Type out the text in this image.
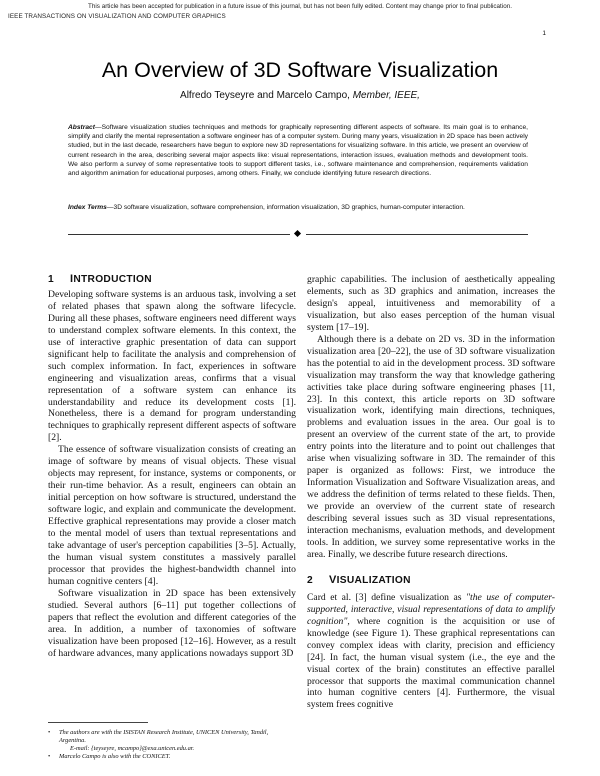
This article has been accepted for publication in a future issue of this journal, but has not been fully edited. Content may change prior to final publication.
IEEE TRANSACTIONS ON VISUALIZATION AND COMPUTER GRAPHICS
1
An Overview of 3D Software Visualization
Alfredo Teyseyre and Marcelo Campo, Member, IEEE,

Abstract—Software visualization studies techniques and methods for graphically representing different aspects of software. Its main goal is to enhance, simplify and clarify the mental representation a software engineer has of a computer system. During many years, visualization in 2D space has been actively studied, but in the last decade, researchers have begun to explore new 3D representations for visualizing software. In this article, we present an overview of current research in the area, describing several major aspects like: visual representations, interaction issues, evaluation methods and development tools. We also perform a survey of some representative tools to support different tasks, i.e., software maintenance and comprehension, requirements validation and algorithm animation for educational purposes, among others. Finally, we conclude identifying future research directions.

Index Terms—3D software visualization, software comprehension, information visualization, 3D graphics, human-computer interaction.

1 INTRODUCTION

Developing software systems is an arduous task, involving a set of related phases that spawn along the software lifecycle. During all these phases, software engineers need different ways to understand complex software elements. In this context, the use of interactive graphic presentation of data can support significant help to facilitate the analysis and comprehension of such complex information. In fact, experiences in software engineering and visualization areas, confirms that a visual representation of a software system can enhance its understandability and reduce its development costs [1]. Nonetheless, there is a demand for program understanding techniques to graphically represent different aspects of software [2].

The essence of software visualization consists of creating an image of software by means of visual objects. These visual objects may represent, for instance, systems or components, or their run-time behavior. As a result, engineers can obtain an initial perception on how software is structured, understand the software logic, and explain and communicate the development. Effective graphical representations may provide a closer match to the mental model of users than textual representations and take advantage of user's perception capabilities [3–5]. Actually, the human visual system constitutes a massively parallel processor that provides the highest-bandwidth channel into human cognitive centers [4].

Software visualization in 2D space has been extensively studied. Several authors [6–11] put together collections of papers that reflect the evolution and different categories of the area. In addition, a number of taxonomies of software visualization have been proposed [12–16]. However, as a result of hardware advances, many applications nowadays support 3D

graphic capabilities. The inclusion of aesthetically appealing elements, such as 3D graphics and animation, increases the design's appeal, intuitiveness and memorability of a visualization, but also eases perception of the human visual system [17–19].

Although there is a debate on 2D vs. 3D in the information visualization area [20–22], the use of 3D software visualization has the potential to aid in the development process. 3D software visualization may transform the way that knowledge gathering activities take place during software engineering phases [11, 23]. In this context, this article reports on 3D software visualization work, identifying main directions, techniques, problems and evaluation issues in the area. Our goal is to present an overview of the current state of the art, to provide entry points into the literature and to point out challenges that arise when visualizing software in 3D. The remainder of this paper is organized as follows: First, we introduce the Information Visualization and Software Visualization areas, and we address the definition of terms related to these fields. Then, we provide an overview of the current state of research describing several issues such as 3D visual representations, interaction mechanisms, evaluation methods, and development tools. In addition, we survey some representative works in the area. Finally, we describe future research directions.

2 VISUALIZATION

Card et al. [3] define visualization as "the use of computer-supported, interactive, visual representations of data to amplify cognition", where cognition is the acquisition or use of knowledge (see Figure 1). These graphical representations can convey complex ideas with clarity, precision and efficiency [24]. In fact, the human visual system (i.e., the eye and the visual cortex of the brain) constitutes an effective parallel processor that supports the maximal communication channel into human cognitive centers [4]. Furthermore, the visual system frees cognitive

• The authors are with the ISISTAN Research Institute, UNICEN University, Tandil, Argentina.
E-mail: {teyseyre, mcampo}@exa.unicen.edu.ar.
• Marcelo Campo is also with the CONICET.
